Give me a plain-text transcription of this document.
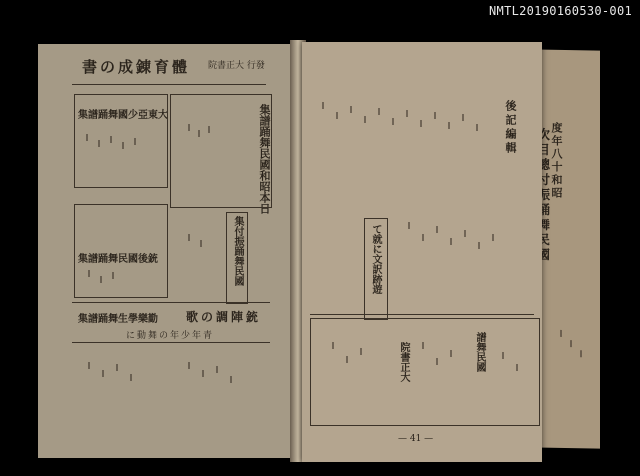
NMTL20190160530-001
度年八十和昭
書の成錬育體 院書正大 行發
集譜踊舞國少亞東大	集譜踊舞民國和昭本日
集譜踊舞民國後銃	集付振踊舞民國
集譜踊舞生學樂勤 歌の調陣銃
に動舞の年少年青
後記編輯
て就に文訳跡遊
院書正大	譜舞民國
— 41 —
